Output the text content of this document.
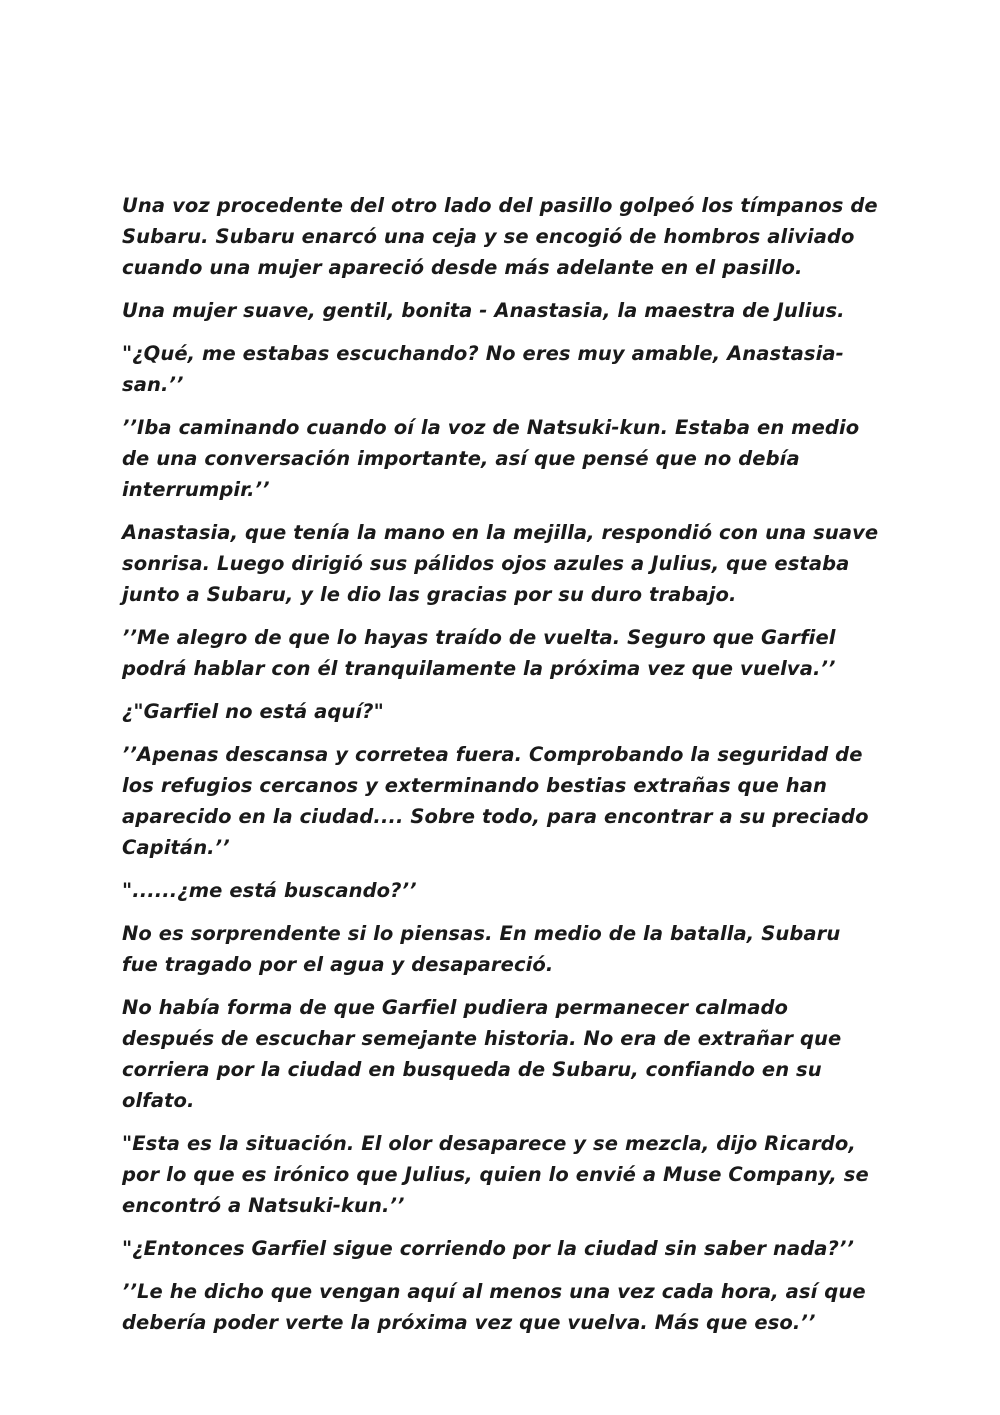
Una voz procedente del otro lado del pasillo golpeó los tímpanos de Subaru. Subaru enarcó una ceja y se encogió de hombros aliviado cuando una mujer apareció desde más adelante en el pasillo.

Una mujer suave, gentil, bonita - Anastasia, la maestra de Julius.

"¿Qué, me estabas escuchando? No eres muy amable, Anastasia-san.’’

’’Iba caminando cuando oí la voz de Natsuki-kun. Estaba en medio de una conversación importante, así que pensé que no debía interrumpir.’’

Anastasia, que tenía la mano en la mejilla, respondió con una suave sonrisa. Luego dirigió sus pálidos ojos azules a Julius, que estaba junto a Subaru, y le dio las gracias por su duro trabajo.

’’Me alegro de que lo hayas traído de vuelta. Seguro que Garfiel podrá hablar con él tranquilamente la próxima vez que vuelva.’’

¿"Garfiel no está aquí?"

’’Apenas descansa y corretea fuera. Comprobando la seguridad de los refugios cercanos y exterminando bestias extrañas que han aparecido en la ciudad.... Sobre todo, para encontrar a su preciado Capitán.’’

"......¿me está buscando?’’

No es sorprendente si lo piensas. En medio de la batalla, Subaru fue tragado por el agua y desapareció.

No había forma de que Garfiel pudiera permanecer calmado después de escuchar semejante historia. No era de extrañar que corriera por la ciudad en busqueda de Subaru, confiando en su olfato.

"Esta es la situación. El olor desaparece y se mezcla, dijo Ricardo, por lo que es irónico que Julius, quien lo envié a Muse Company, se encontró a Natsuki-kun.’’

"¿Entonces Garfiel sigue corriendo por la ciudad sin saber nada?’’

’’Le he dicho que vengan aquí al menos una vez cada hora, así que debería poder verte la próxima vez que vuelva. Más que eso.’’
